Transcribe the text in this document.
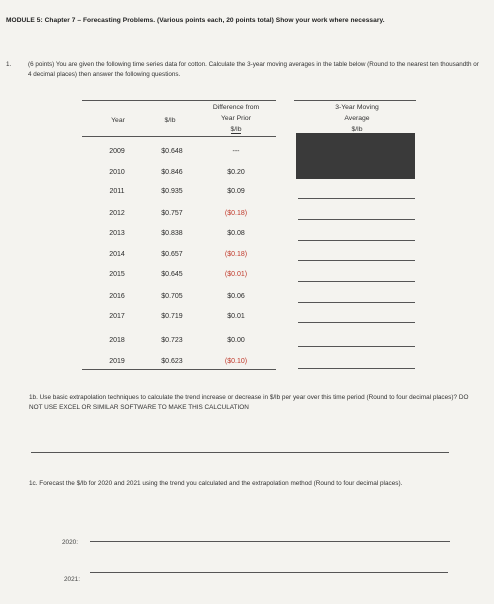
MODULE 5: Chapter 7 – Forecasting Problems. (Various points each, 20 points total) Show your work where necessary.
1.	(6 points) You are given the following time series data for cotton. Calculate the 3-year moving averages in the table below (Round to the nearest ten thousandth or 4 decimal places) then answer the following questions.
Year	$/lb
Difference from
Year Prior
$/lb
3-Year Moving
Average
$/lb
2009	$0.648	---
2010	$0.846	$0.20
2011	$0.935	$0.09
2012	$0.757	($0.18)
2013	$0.838	$0.08
2014	$0.657	($0.18)
2015	$0.645	($0.01)
2016	$0.705	$0.06
2017	$0.719	$0.01
2018	$0.723	$0.00
2019	$0.623	($0.10)
1b. Use basic extrapolation techniques to calculate the trend increase or decrease in $/lb per year over this time period (Round to four decimal places)? DO NOT USE EXCEL OR SIMILAR SOFTWARE TO MAKE THIS CALCULATION
1c. Forecast the $/lb for 2020 and 2021 using the trend you calculated and the extrapolation method (Round to four decimal places).
2020:
2021:
